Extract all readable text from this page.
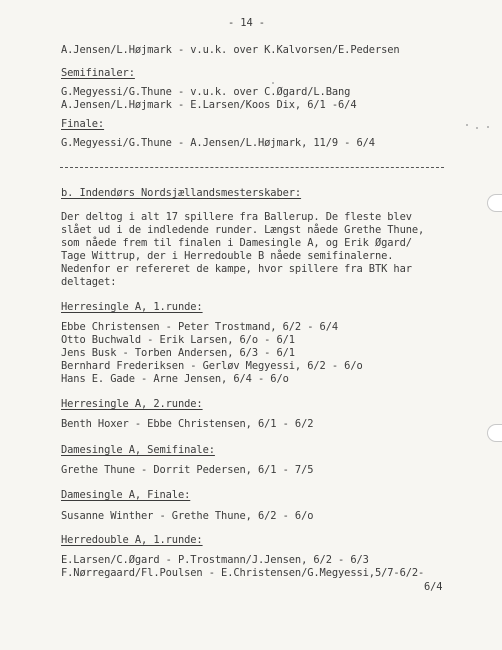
- 14 -
A.Jensen/L.Højmark - v.u.k. over K.Kalvorsen/E.Pedersen
Semifinaler:
G.Megyessi/G.Thune - v.u.k. over C.Øgard/L.Bang
A.Jensen/L.Højmark - E.Larsen/Koos Dix, 6/1 -6/4
Finale:
G.Megyessi/G.Thune - A.Jensen/L.Højmark, 11/9 - 6/4
b. Indendørs Nordsjællandsmesterskaber:
Der deltog i alt 17 spillere fra Ballerup. De fleste blev
slået ud i de indledende runder. Længst nåede Grethe Thune,
som nåede frem til finalen i Damesingle A, og Erik Øgard/
Tage Wittrup, der i Herredouble B nåede semifinalerne.
Nedenfor er refereret de kampe, hvor spillere fra BTK har
deltaget:
Herresingle A, 1.runde:
Ebbe Christensen - Peter Trostmand, 6/2 - 6/4
Otto Buchwald - Erik Larsen, 6/o - 6/1
Jens Busk - Torben Andersen, 6/3 - 6/1
Bernhard Frederiksen - Gerløv Megyessi, 6/2 - 6/o
Hans E. Gade - Arne Jensen, 6/4 - 6/o
Herresingle A, 2.runde:
Benth Hoxer - Ebbe Christensen, 6/1 - 6/2
Damesingle A, Semifinale:
Grethe Thune - Dorrit Pedersen, 6/1 - 7/5
Damesingle A, Finale:
Susanne Winther - Grethe Thune, 6/2 - 6/o
Herredouble A, 1.runde:
E.Larsen/C.Øgard - P.Trostmann/J.Jensen, 6/2 - 6/3
F.Nørregaard/Fl.Poulsen - E.Christensen/G.Megyessi,5/7-6/2-
6/4
